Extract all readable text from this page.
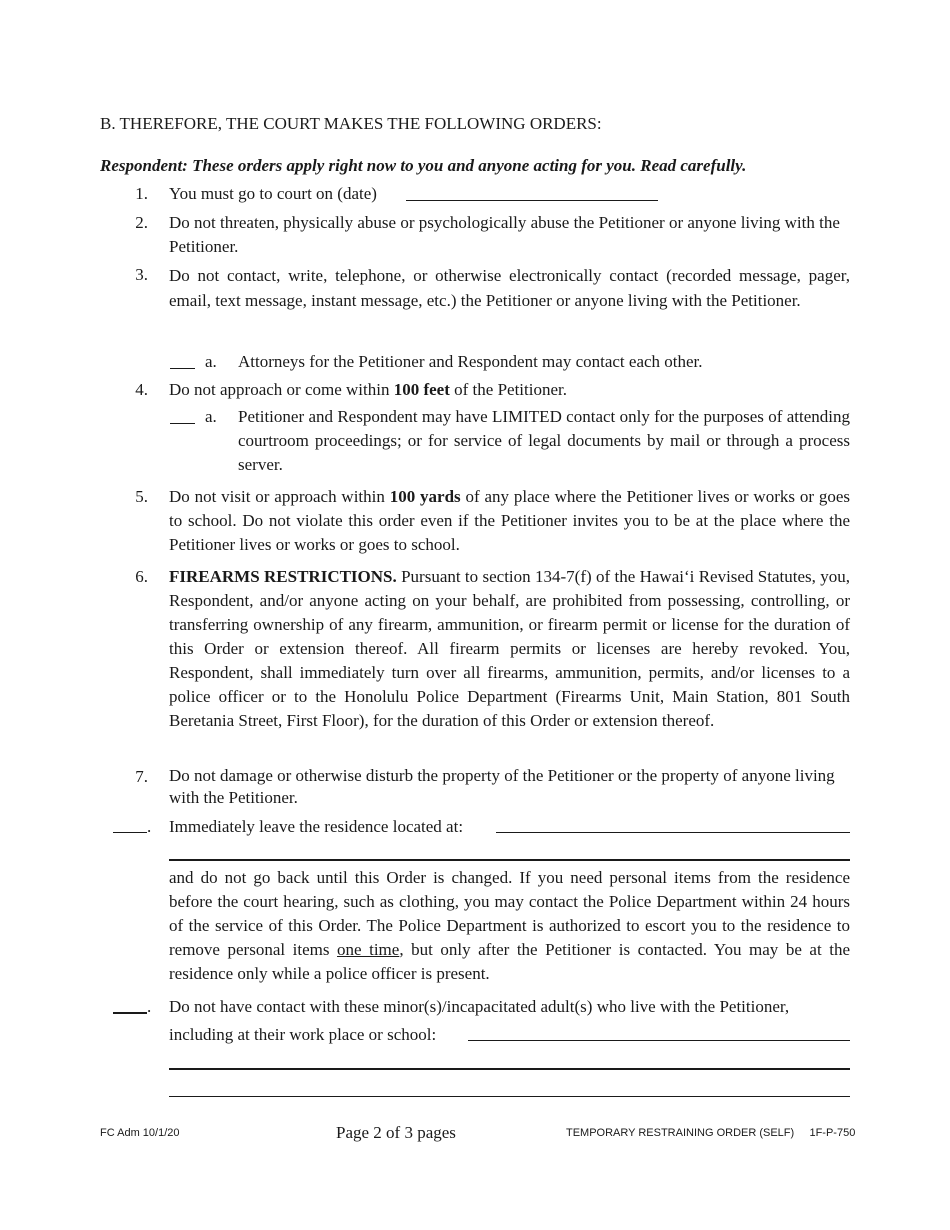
B. THEREFORE, THE COURT MAKES THE FOLLOWING ORDERS:
Respondent: These orders apply right now to you and anyone acting for you. Read carefully.
1. You must go to court on (date)
2. Do not threaten, physically abuse or psychologically abuse the Petitioner or anyone living with the Petitioner.
3. Do not contact, write, telephone, or otherwise electronically contact (recorded message, pager, email, text message, instant message, etc.) the Petitioner or anyone living with the Petitioner.
a. Attorneys for the Petitioner and Respondent may contact each other.
4. Do not approach or come within 100 feet of the Petitioner.
a. Petitioner and Respondent may have LIMITED contact only for the purposes of attending courtroom proceedings; or for service of legal documents by mail or through a process server.
5. Do not visit or approach within 100 yards of any place where the Petitioner lives or works or goes to school. Do not violate this order even if the Petitioner invites you to be at the place where the Petitioner lives or works or goes to school.
6. FIREARMS RESTRICTIONS. Pursuant to section 134-7(f) of the Hawai‘i Revised Statutes, you, Respondent, and/or anyone acting on your behalf, are prohibited from possessing, controlling, or transferring ownership of any firearm, ammunition, or firearm permit or license for the duration of this Order or extension thereof. All firearm permits or licenses are hereby revoked. You, Respondent, shall immediately turn over all firearms, ammunition, permits, and/or licenses to a police officer or to the Honolulu Police Department (Firearms Unit, Main Station, 801 South Beretania Street, First Floor), for the duration of this Order or extension thereof.
7. Do not damage or otherwise disturb the property of the Petitioner or the property of anyone living with the Petitioner.
. Immediately leave the residence located at:
and do not go back until this Order is changed. If you need personal items from the residence before the court hearing, such as clothing, you may contact the Police Department within 24 hours of the service of this Order. The Police Department is authorized to escort you to the residence to remove personal items one time, but only after the Petitioner is contacted. You may be at the residence only while a police officer is present.
. Do not have contact with these minor(s)/incapacitated adult(s) who live with the Petitioner,
including at their work place or school:
FC Adm 10/1/20	Page 2 of 3 pages	TEMPORARY RESTRAINING ORDER (SELF)     1F-P-750
